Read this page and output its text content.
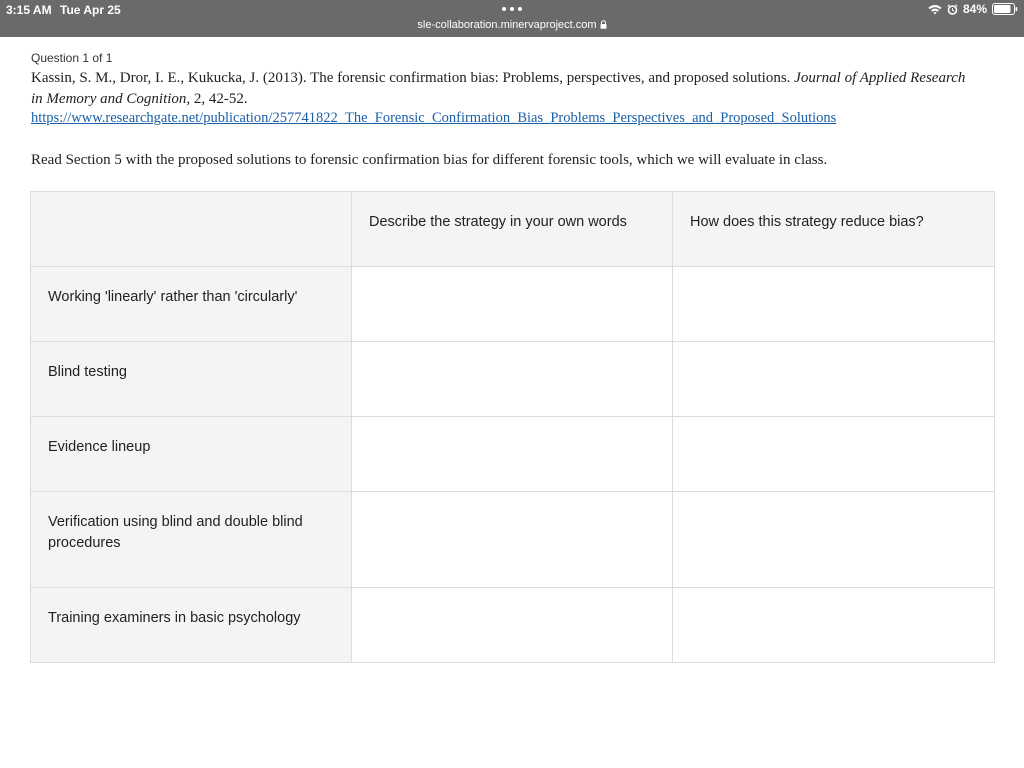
3:15 AM Tue Apr 25
sle-collaboration.minervaproject.com
84%
Question 1 of 1
Kassin, S. M., Dror, I. E., Kukucka, J. (2013). The forensic confirmation bias: Problems, perspectives, and proposed solutions. Journal of Applied Research in Memory and Cognition, 2, 42-52.
https://www.researchgate.net/publication/257741822_The_Forensic_Confirmation_Bias_Problems_Perspectives_and_Proposed_Solutions
Read Section 5 with the proposed solutions to forensic confirmation bias for different forensic tools, which we will evaluate in class.
	Describe the strategy in your own words	How does this strategy reduce bias?
Working 'linearly' rather than 'circularly'		
Blind testing		
Evidence lineup		
Verification using blind and double blind procedures		
Training examiners in basic psychology		
